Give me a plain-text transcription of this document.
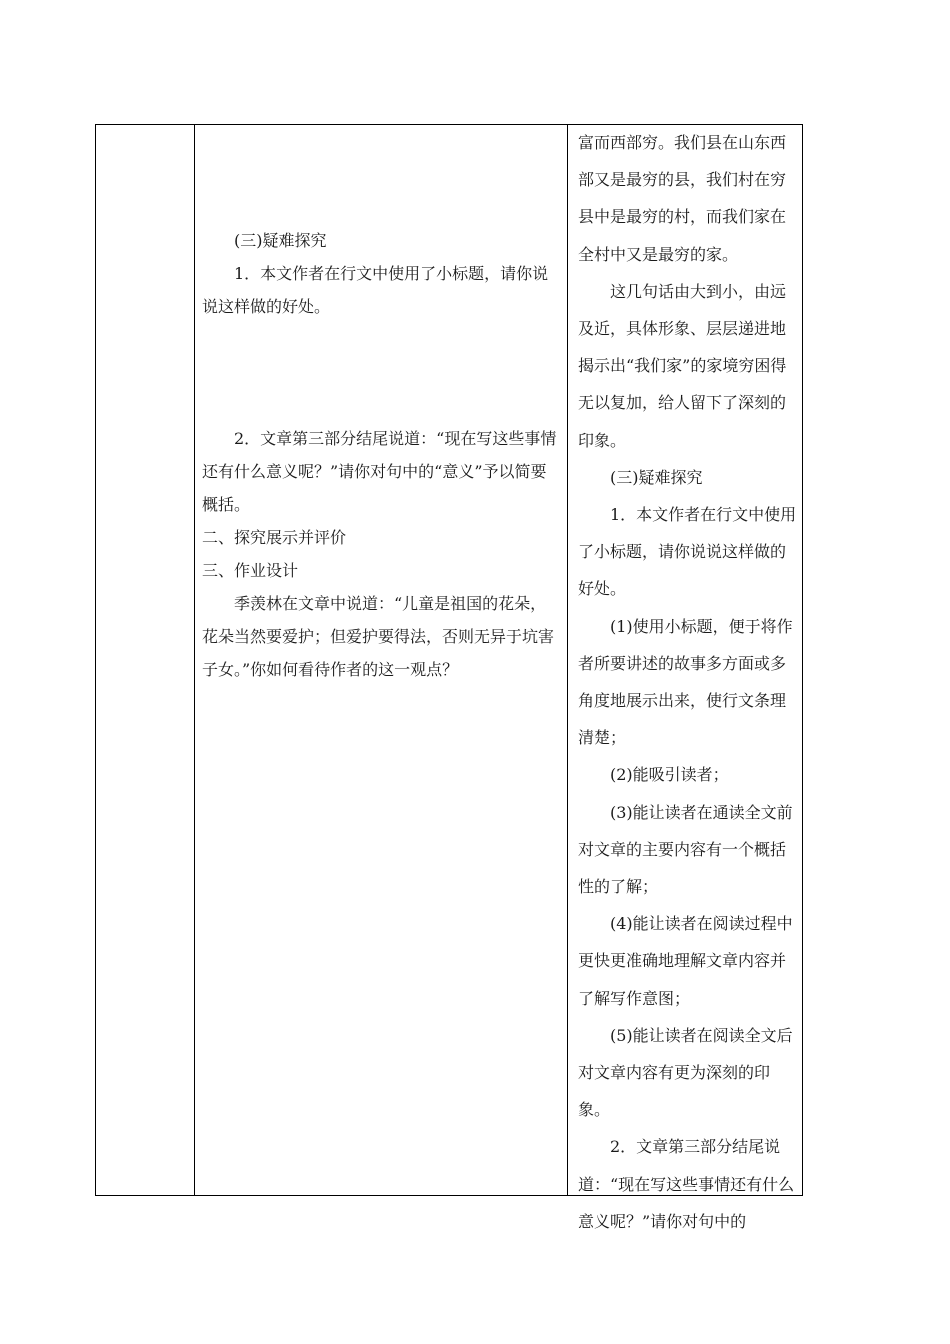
(三)疑难探究

1．本文作者在行文中使用了小标题，请你说说这样做的好处。

2．文章第三部分结尾说道：“现在写这些事情还有什么意义呢？”请你对句中的“意义”予以简要概括。

二、探究展示并评价

三、作业设计

季羡林在文章中说道：“儿童是祖国的花朵，花朵当然要爱护；但爱护要得法，否则无异于坑害子女。”你如何看待作者的这一观点？

富而西部穷。我们县在山东西部又是最穷的县，我们村在穷县中是最穷的村，而我们家在全村中又是最穷的家。

这几句话由大到小，由远及近，具体形象、层层递进地揭示出“我们家”的家境穷困得无以复加，给人留下了深刻的印象。

(三)疑难探究

1．本文作者在行文中使用了小标题，请你说说这样做的好处。

(1)使用小标题，便于将作者所要讲述的故事多方面或多角度地展示出来，使行文条理清楚；

(2)能吸引读者；

(3)能让读者在通读全文前对文章的主要内容有一个概括性的了解；

(4)能让读者在阅读过程中更快更准确地理解文章内容并了解写作意图；

(5)能让读者在阅读全文后对文章内容有更为深刻的印象。

2．文章第三部分结尾说道：“现在写这些事情还有什么意义呢？”请你对句中的
